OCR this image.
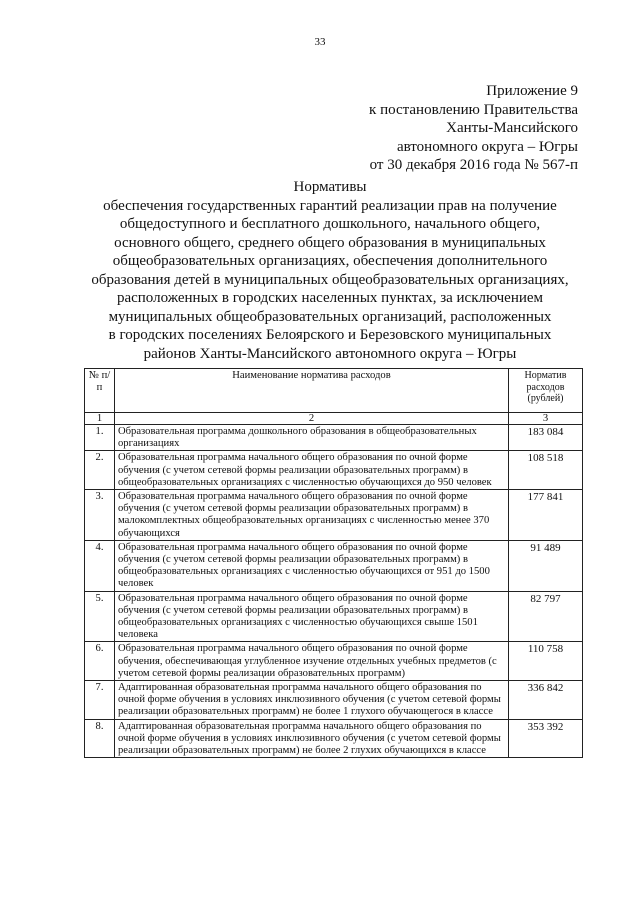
33
Приложение 9
к постановлению Правительства
Ханты-Мансийского
автономного округа – Югры
от 30 декабря 2016 года № 567-п
Нормативы
обеспечения государственных гарантий реализации прав на получение
общедоступного и бесплатного дошкольного, начального общего,
основного общего, среднего общего образования в муниципальных
общеобразовательных организациях, обеспечения дополнительного
образования детей в муниципальных общеобразовательных организациях,
расположенных в городских населенных пунктах, за исключением
муниципальных общеобразовательных организаций, расположенных
в городских поселениях Белоярского и Березовского муниципальных
районов Ханты-Мансийского автономного округа – Югры
№ п/п	Наименование норматива расходов	Норматив расходов (рублей)
1	2	3
1.	Образовательная программа дошкольного образования в общеобразовательных организациях	183 084
2.	Образовательная программа начального общего образования по очной форме обучения (с учетом сетевой формы реализации образовательных программ) в общеобразовательных организациях с численностью обучающихся до 950 человек	108 518
3.	Образовательная программа начального общего образования по очной форме обучения (с учетом сетевой формы реализации образовательных программ) в малокомплектных общеобразовательных организациях с численностью менее 370 обучающихся	177 841
4.	Образовательная программа начального общего образования по очной форме обучения (с учетом сетевой формы реализации образовательных программ) в общеобразовательных организациях с численностью обучающихся от 951 до 1500 человек	91 489
5.	Образовательная программа начального общего образования по очной форме обучения (с учетом сетевой формы реализации образовательных программ) в общеобразовательных организациях с численностью обучающихся свыше 1501 человека	82 797
6.	Образовательная программа начального общего образования по очной форме обучения, обеспечивающая углубленное изучение отдельных учебных предметов (с учетом сетевой формы реализации образовательных программ)	110 758
7.	Адаптированная образовательная программа начального общего образования по очной форме обучения в условиях инклюзивного обучения (с учетом сетевой формы реализации образовательных программ) не более 1 глухого обучающегося в классе	336 842
8.	Адаптированная образовательная программа начального общего образования по очной форме обучения в условиях инклюзивного обучения (с учетом сетевой формы реализации образовательных программ) не более 2 глухих обучающихся в классе	353 392
